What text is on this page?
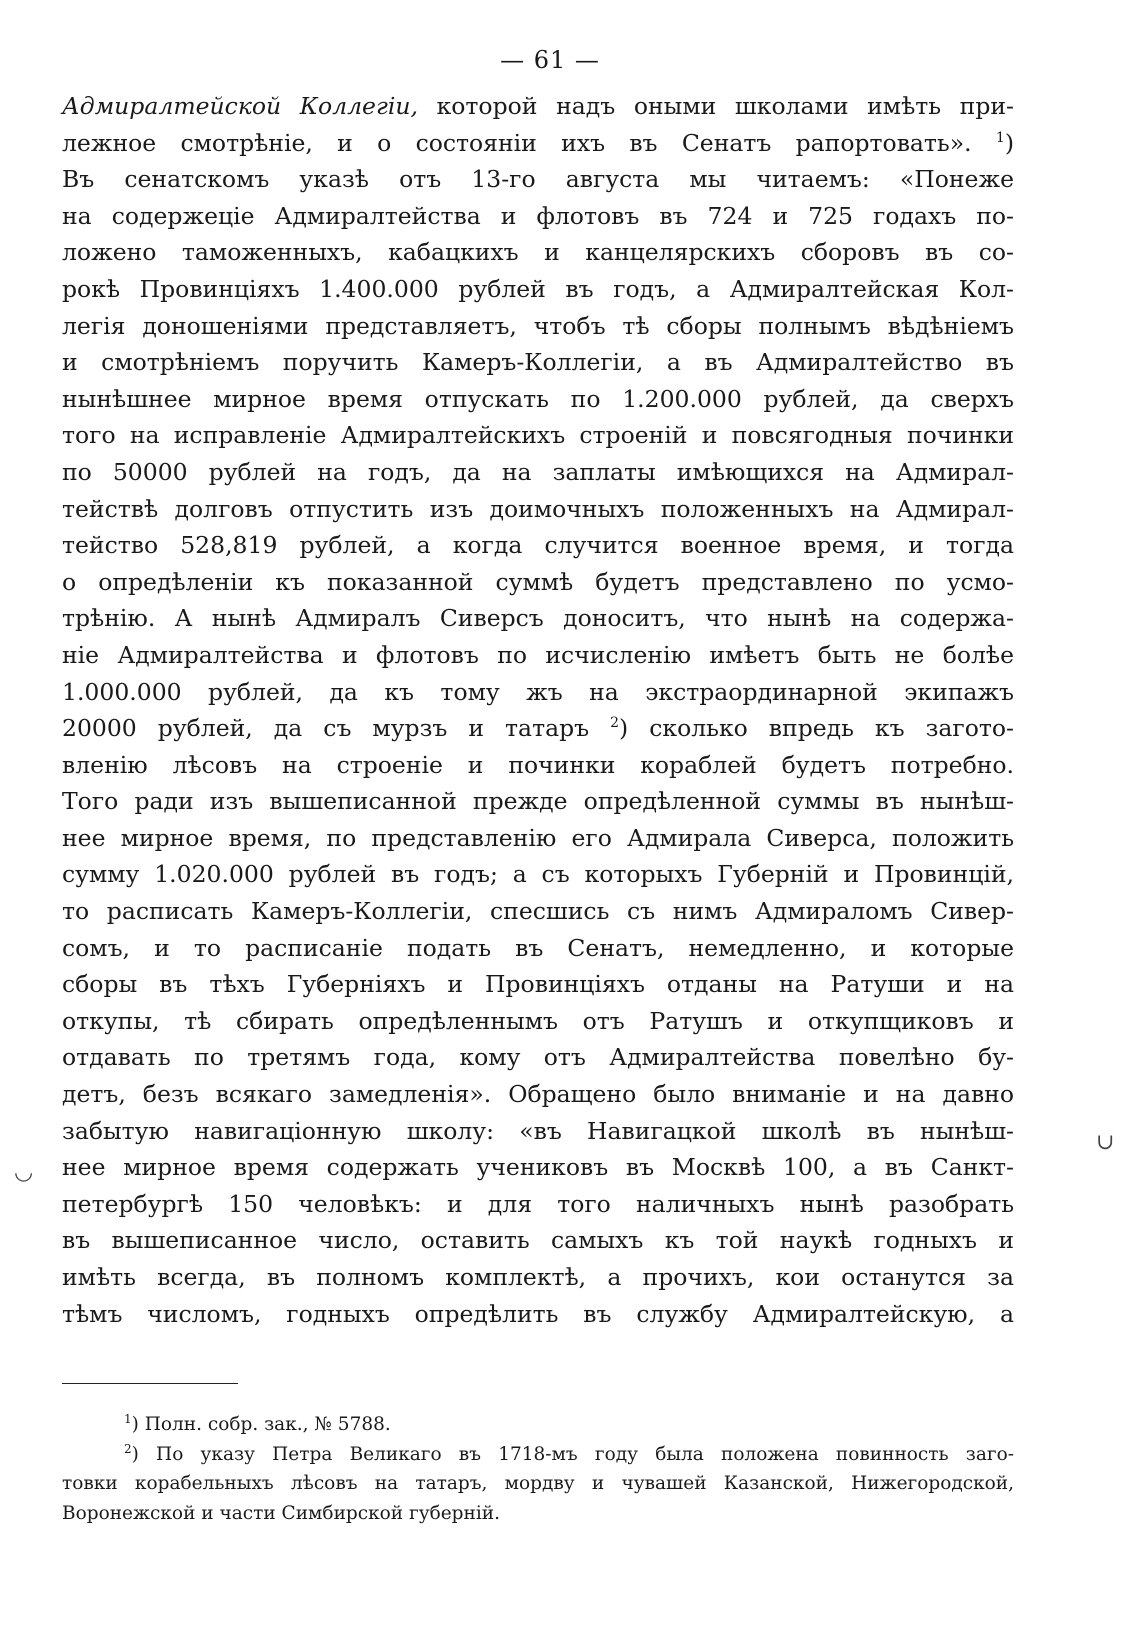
— 61 —
Адмиралтейской Коллегіи, которой надъ оными школами имѣть при-
лежное смотрѣніе, и о состояніи ихъ въ Сенатъ рапортовать». $^1$)
Въ сенатскомъ указѣ отъ 13-го августа мы читаемъ: «Понеже
на содержеціе Адмиралтейства и флотовъ въ 724 и 725 годахъ по-
ложено таможенныхъ, кабацкихъ и канцелярскихъ сборовъ въ со-
рокѣ Провинціяхъ 1.400.000 рублей въ годъ, а Адмиралтейская Кол-
легія доношеніями представляетъ, чтобъ тѣ сборы полнымъ вѣдѣніемъ
и смотрѣніемъ поручить Камеръ-Коллегіи, а въ Адмиралтейство въ
нынѣшнее мирное время отпускать по 1.200.000 рублей, да сверхъ
того на исправленіе Адмиралтейскихъ строеній и повсягодныя починки
по 50000 рублей на годъ, да на заплаты имѣющихся на Адмирал-
тействѣ долговъ отпустить изъ доимочныхъ положенныхъ на Адмирал-
тейство 528,819 рублей, а когда случится военное время, и тогда
о опредѣленіи къ показанной суммѣ будетъ представлено по усмо-
трѣнію. А нынѣ Адмиралъ Сиверсъ доноситъ, что нынѣ на содержа-
ніе Адмиралтейства и флотовъ по исчисленію имѣетъ быть не болѣе
1.000.000 рублей, да къ тому жъ на экстраординарной экипажъ
20000 рублей, да съ мурзъ и татаръ $^2$) сколько впредь къ загото-
вленію лѣсовъ на строеніе и починки кораблей будетъ потребно.
Того ради изъ вышеписанной прежде опредѣленной суммы въ нынѣш-
нее мирное время, по представленію его Адмирала Сиверса, положить
сумму 1.020.000 рублей въ годъ; а съ которыхъ Губерній и Провинцій,
то расписать Камеръ-Коллегіи, спесшись съ нимъ Адмираломъ Сивер-
сомъ, и то расписаніе подать въ Сенатъ, немедленно, и которые
сборы въ тѣхъ Губерніяхъ и Провинціяхъ отданы на Ратуши и на
откупы, тѣ сбирать опредѣленнымъ отъ Ратушъ и откупщиковъ и
отдавать по третямъ года, кому отъ Адмиралтейства повелѣно бу-
детъ, безъ всякаго замедленія». Обращено было вниманіе и на давно
забытую навигаціонную школу: «въ Навигацкой школѣ въ нынѣш-
нее мирное время содержать учениковъ въ Москвѣ 100, а въ Санкт-
петербургѣ 150 человѣкъ: и для того наличныхъ нынѣ разобрать
въ вышеписанное число, оставить самыхъ къ той наукѣ годныхъ и
имѣть всегда, въ полномъ комплектѣ, а прочихъ, кои останутся за
тѣмъ числомъ, годныхъ опредѣлить въ службу Адмиралтейскую, а
$^1$) Полн. собр. зак., № 5788.
$^2$) По указу Петра Великаго въ 1718-мъ году была положена повинность заго-
товки корабельныхъ лѣсовъ на татаръ, мордву и чувашей Казанской, Нижегородской,
Воронежской и части Симбирской губерній.
◡
∪
